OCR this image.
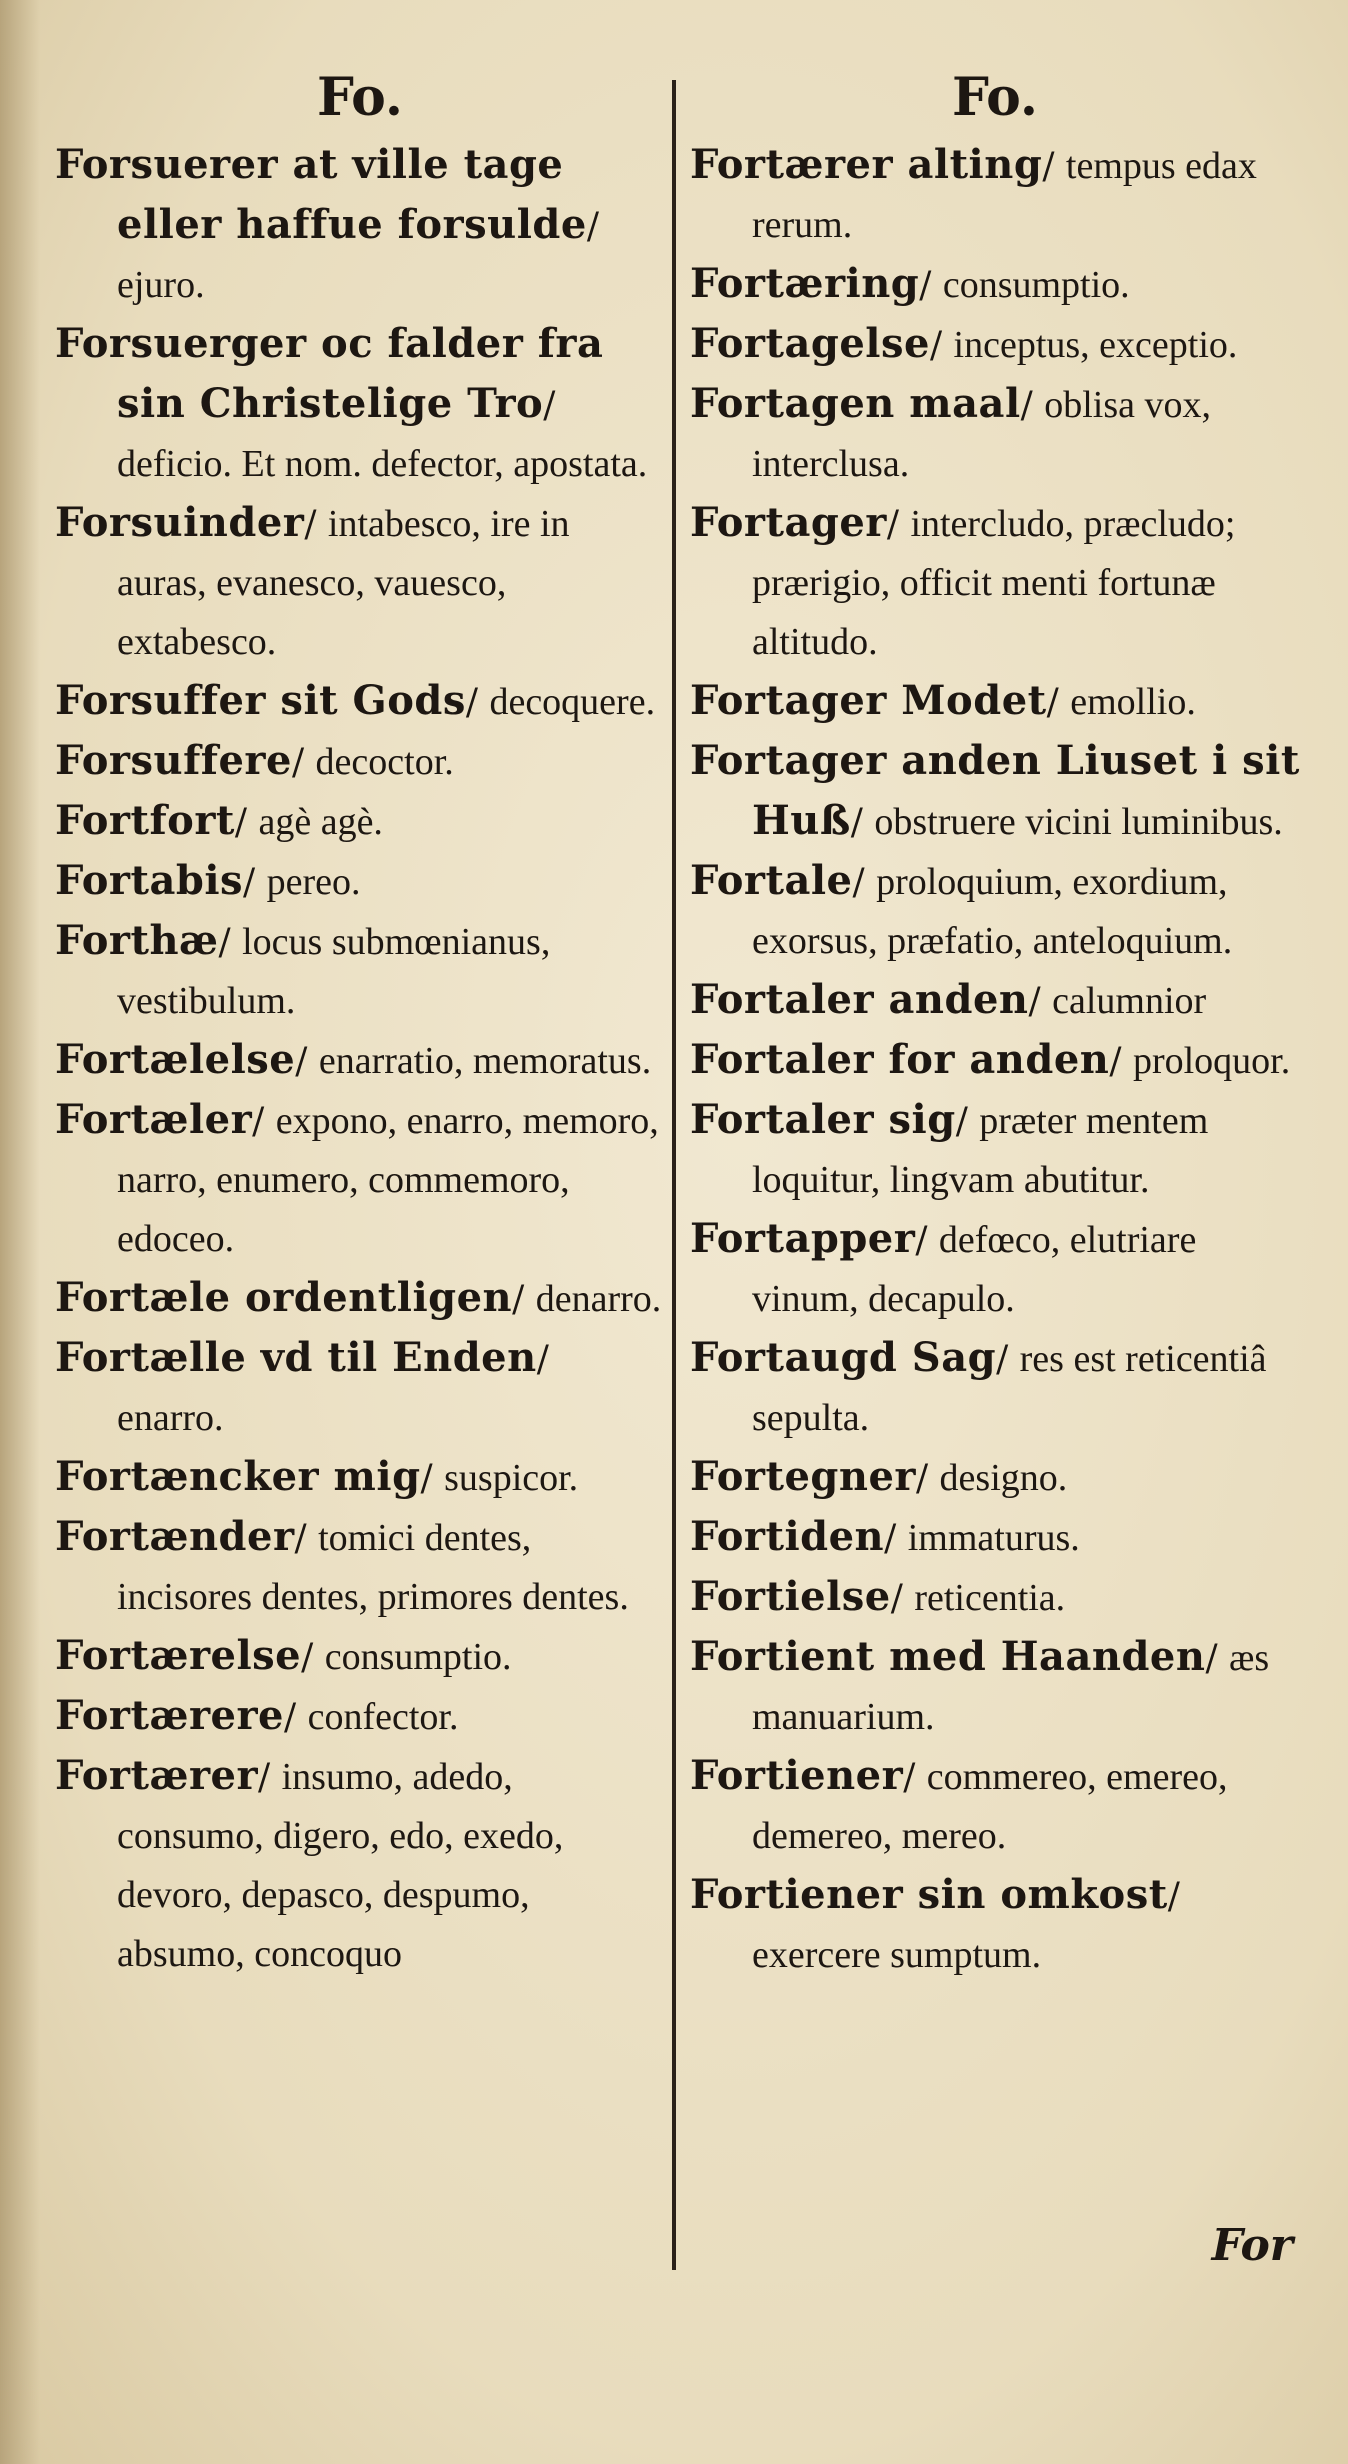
Fo.
Forsuerer at ville tage eller haffue forsulde/ ejuro.
Forsuerger oc falder fra sin Christelige Tro/ deficio. Et nom. defector, apostata.
Forsuinder/ intabesco, ire in auras, evanesco, vauesco, extabesco.
Forsuffer sit Gods/ decoquere.
Forsuffere/ decoctor.
Fortfort/ agè agè.
Fortabis/ pereo.
Forthæ/ locus submœnianus, vestibulum.
Fortælelse/ enarratio, memoratus.
Fortæler/ expono, enarro, memoro, narro, enumero, commemoro, edoceo.
Fortæle ordentligen/ denarro.
Fortælle vd til Enden/ enarro.
Fortæncker mig/ suspicor.
Fortænder/ tomici dentes, incisores dentes, primores dentes.
Fortærelse/ consumptio.
Fortærere/ confector.
Fortærer/ insumo, adedo, consumo, digero, edo, exedo, devoro, depasco, despumo, absumo, concoquo
Fo.
Fortærer alting/ tempus edax rerum.
Fortæring/ consumptio.
Fortagelse/ inceptus, exceptio.
Fortagen maal/ oblisa vox, interclusa.
Fortager/ intercludo, præcludo; prærigio, officit menti fortunæ altitudo.
Fortager Modet/ emollio.
Fortager anden Liuset i sit Huß/ obstruere vicini luminibus.
Fortale/ proloquium, exordium, exorsus, præfatio, anteloquium.
Fortaler anden/ calumnior
Fortaler for anden/ proloquor.
Fortaler sig/ præter mentem loquitur, lingvam abutitur.
Fortapper/ defœco, elutriare vinum, decapulo.
Fortaugd Sag/ res est reticentiâ sepulta.
Fortegner/ designo.
Fortiden/ immaturus.
Fortielse/ reticentia.
Fortient med Haanden/ æs manuarium.
Fortiener/ commereo, emereo, demereo, mereo.
Fortiener sin omkost/ exercere sumptum.
For
